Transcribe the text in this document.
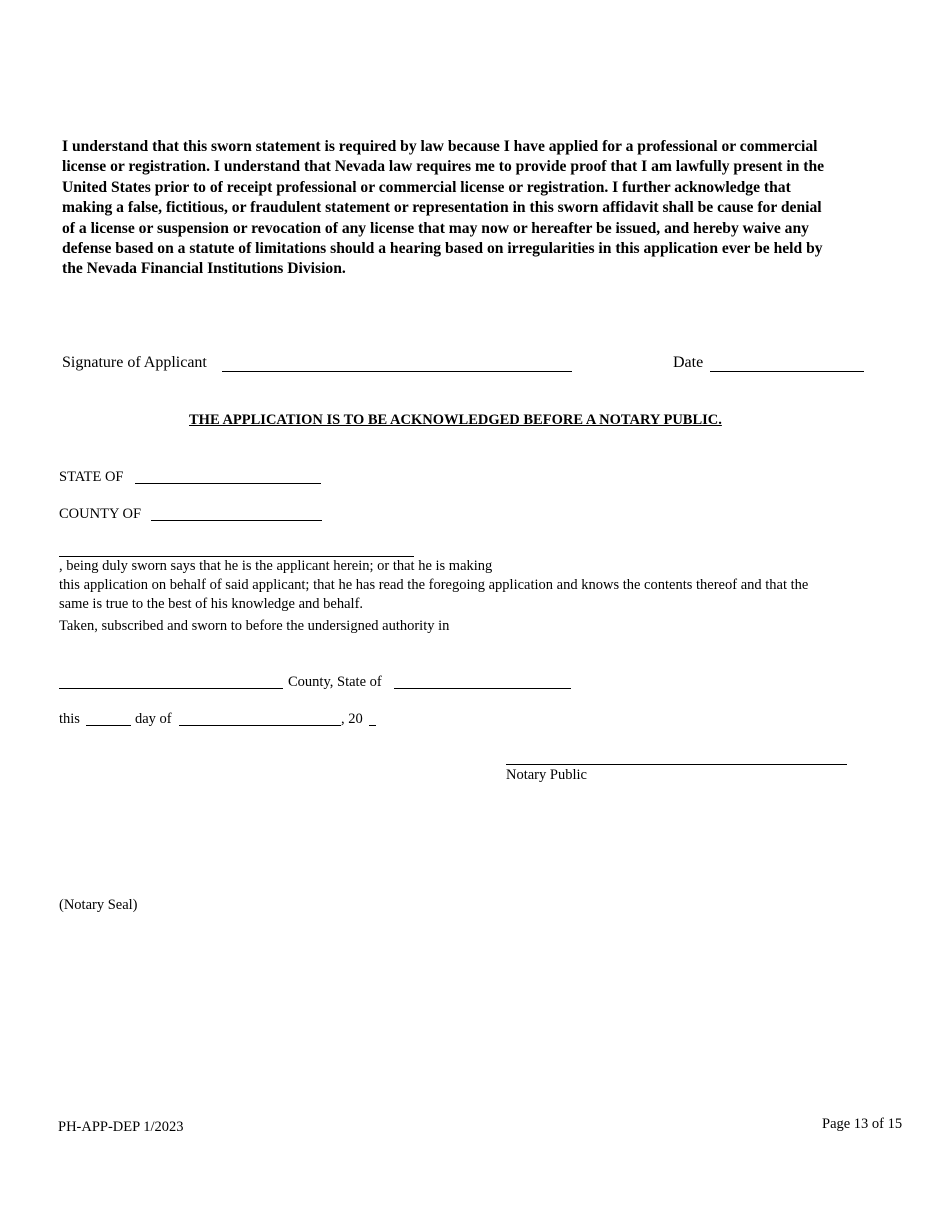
I understand that this sworn statement is required by law because I have applied for a professional or commercial
license or registration. I understand that Nevada law requires me to provide proof that I am lawfully present in the
United States prior to of receipt professional or commercial license or registration. I further acknowledge that
making a false, fictitious, or fraudulent statement or representation in this sworn affidavit shall be cause for denial
of a license or suspension or revocation of any license that may now or hereafter be issued, and hereby waive any
defense based on a statute of limitations should a hearing based on irregularities in this application ever be held by
the Nevada Financial Institutions Division.
Signature of Applicant	Date
THE APPLICATION IS TO BE ACKNOWLEDGED BEFORE A NOTARY PUBLIC.
STATE OF
COUNTY OF
, being duly sworn says that he is the applicant herein; or that he is making
this application on behalf of said applicant; that he has read the foregoing application and knows the contents thereof and that the
same is true to the best of his knowledge and behalf.
Taken, subscribed and sworn to before the undersigned authority in
County, State of
this	day of	, 20
Notary Public
(Notary Seal)
PH-APP-DEP 1/2023	Page 13 of 15
